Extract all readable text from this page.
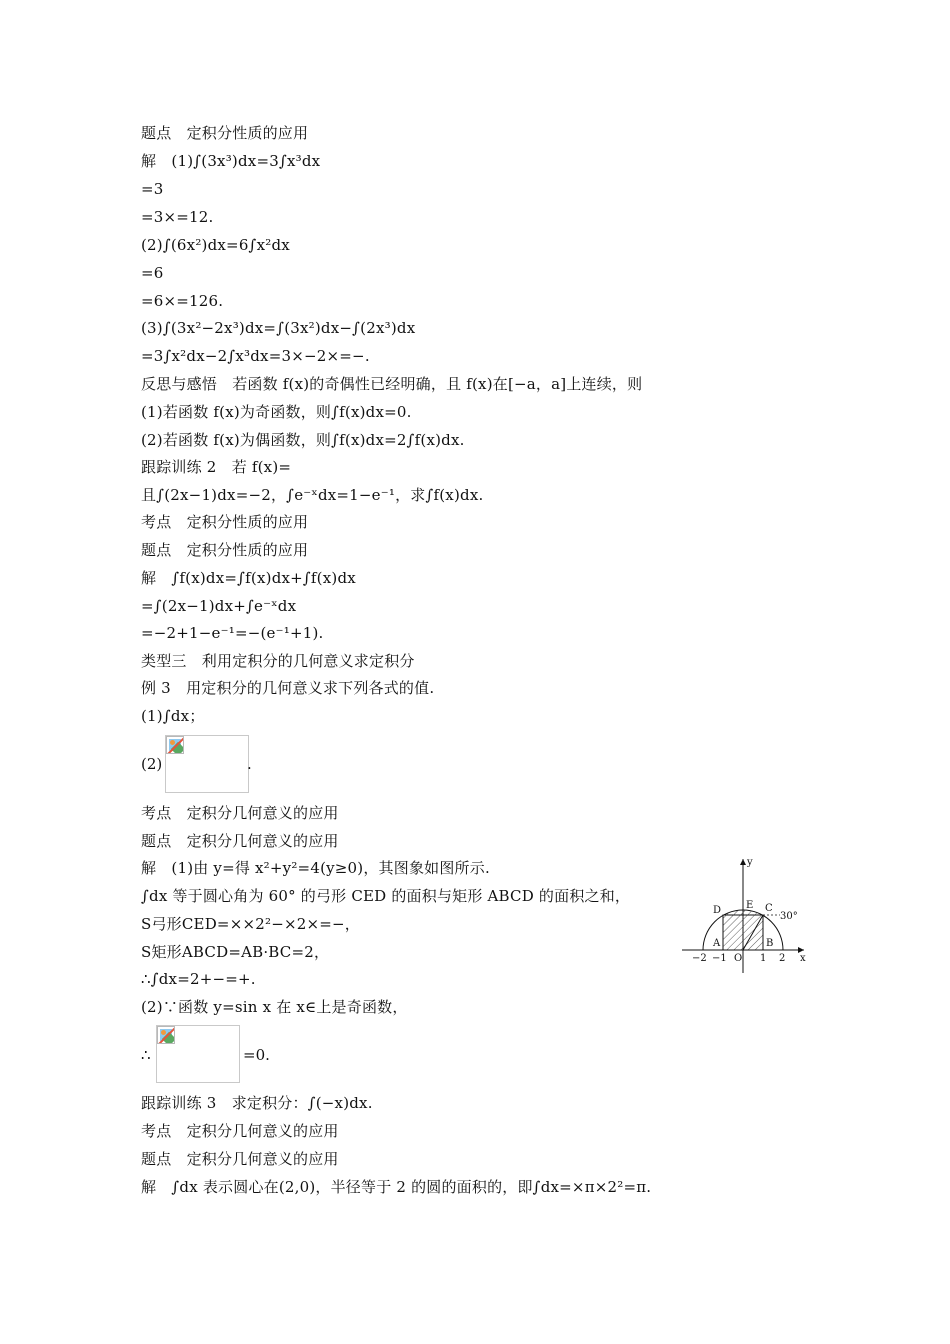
题点　定积分性质的应用
解　(1)∫(3x³)dx=3∫x³dx
=3
=3×=12.
(2)∫(6x²)dx=6∫x²dx
=6
=6×=126.
(3)∫(3x²−2x³)dx=∫(3x²)dx−∫(2x³)dx
=3∫x²dx−2∫x³dx=3×−2×=−.
反思与感悟　若函数 f(x)的奇偶性已经明确，且 f(x)在[−a，a]上连续，则
(1)若函数 f(x)为奇函数，则∫f(x)dx=0.
(2)若函数 f(x)为偶函数，则∫f(x)dx=2∫f(x)dx.
跟踪训练 2　若 f(x)=
且∫(2x−1)dx=−2，∫e⁻ˣdx=1−e⁻¹，求∫f(x)dx.
考点　定积分性质的应用
题点　定积分性质的应用
解　∫f(x)dx=∫f(x)dx+∫f(x)dx
=∫(2x−1)dx+∫e⁻ˣdx
=−2+1−e⁻¹=−(e⁻¹+1).
类型三　利用定积分的几何意义求定积分
例 3　用定积分的几何意义求下列各式的值.
(1)∫dx；
(2)	.
考点　定积分几何意义的应用
题点　定积分几何意义的应用
解　(1)由 y=得 x²+y²=4(y≥0)，其图象如图所示.
∫dx 等于圆心角为 60° 的弓形 CED 的面积与矩形 ABCD 的面积之和，
S弓形CED=××2²−×2×=−，
S矩形ABCD=AB·BC=2，
∴∫dx=2+−=+.
(2)∵函数 y=sin x 在 x∈上是奇函数，
∴	=0.
跟踪训练 3　求定积分：∫(−x)dx.
考点　定积分几何意义的应用
题点　定积分几何意义的应用
解　∫dx 表示圆心在(2,0)，半径等于 2 的圆的面积的，即∫dx=×π×2²=π.
y
x
D E C
30°
A
O
B
−2 −1	1 2
